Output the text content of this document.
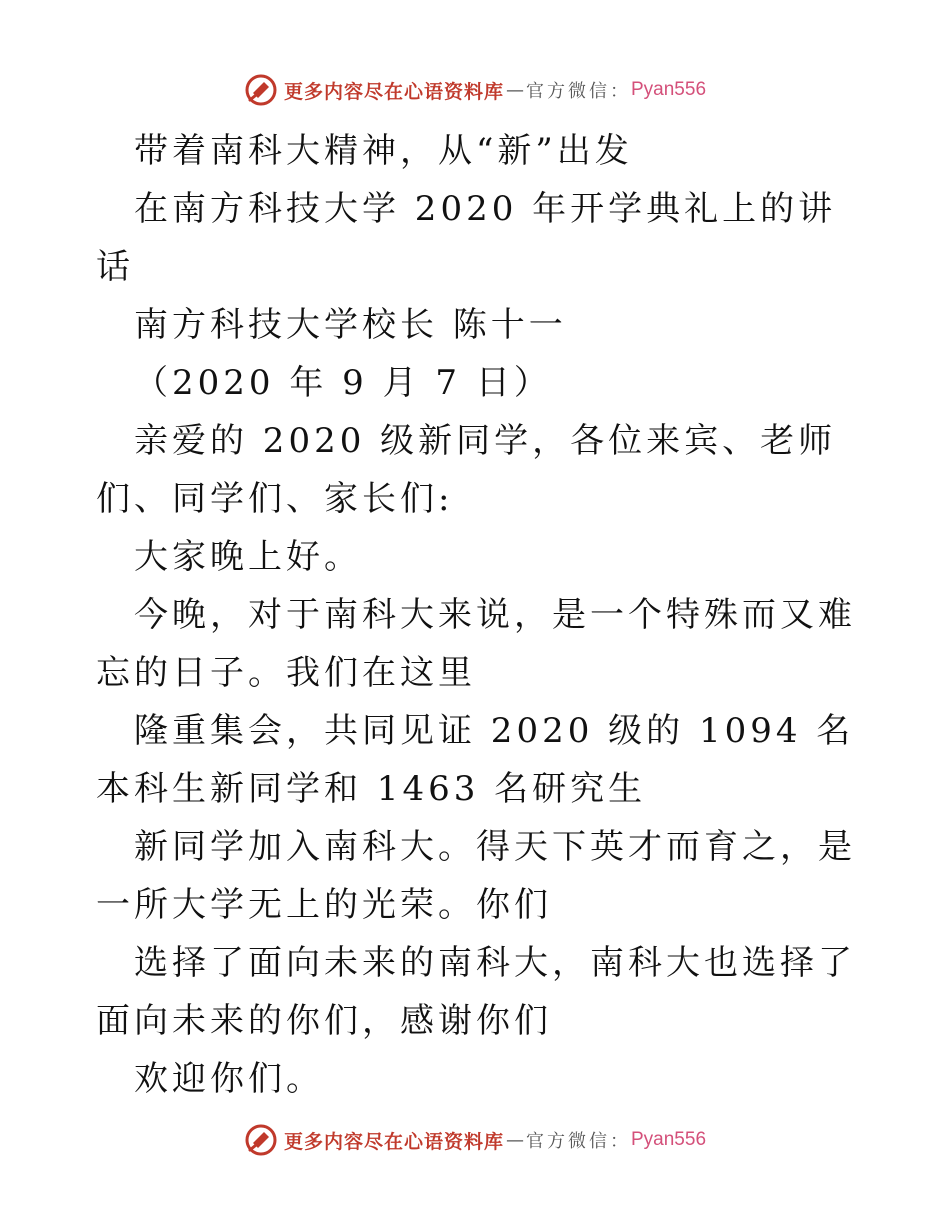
更多内容尽在心语资料库 — 官方微信： Pyan556

带着南科大精神，从“新”出发

在南方科技大学 2020 年开学典礼上的讲话

南方科技大学校长 陈十一

（2020 年 9 月 7 日）

亲爱的 2020 级新同学，各位来宾、老师们、同学们、家长们:

大家晚上好。

今晚，对于南科大来说，是一个特殊而又难忘的日子。我们在这里

隆重集会，共同见证 2020 级的 1094 名本科生新同学和 1463 名研究生

新同学加入南科大。得天下英才而育之，是一所大学无上的光荣。你们

选择了面向未来的南科大，南科大也选择了面向未来的你们，感谢你们

欢迎你们。

更多内容尽在心语资料库 — 官方微信： Pyan556
